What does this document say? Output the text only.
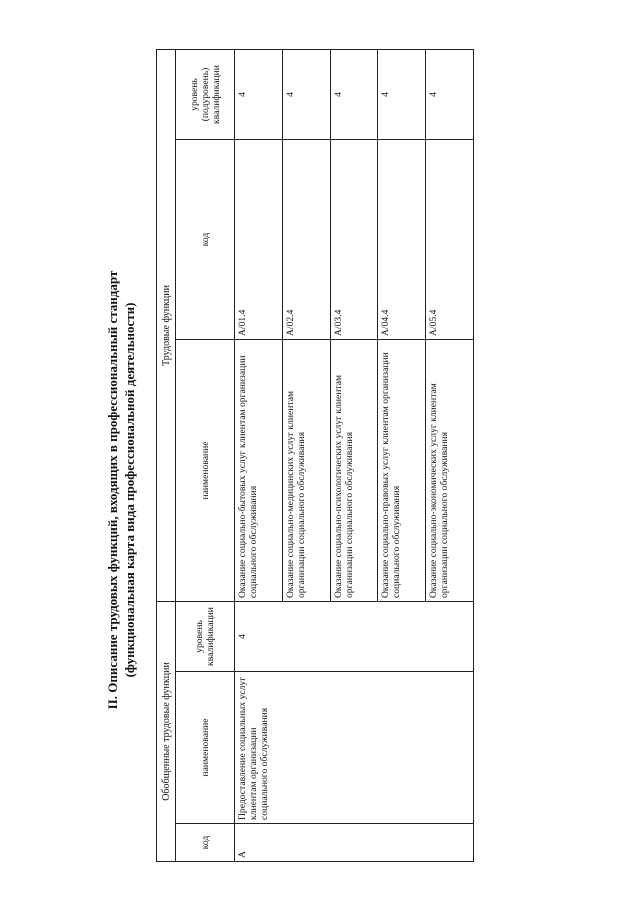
II. Описание трудовых функций, входящих в профессиональный стандарт (функциональная карта вида профессиональной деятельности)
Обобщенные трудовые функции			Трудовые функции		
код	наименование	уровень квалификации	наименование	код	уровень (подуровень) квалификации
А	Предоставление социальных услуг клиентам организации социального обслуживания	4	Оказание социально-бытовых услуг клиентам организации социального обслуживания	A/01.4	4
			Оказание социально-медицинских услуг клиентам организации социального обслуживания	A/02.4	4
			Оказание социально-психологических услуг клиентам организации социального обслуживания	A/03.4	4
			Оказание социально-правовых услуг клиентам организации социального обслуживания	A/04.4	4
			Оказание социально-экономических услуг клиентам организации социального обслуживания	A/05.4	4
